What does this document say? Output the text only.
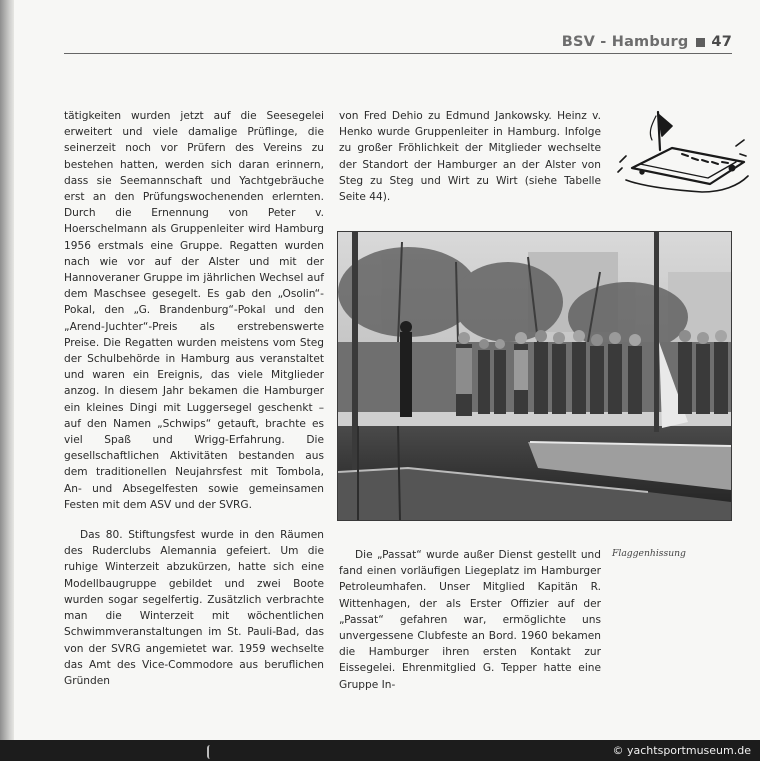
BSV - Hamburg 47

tätigkeiten wurden jetzt auf die Seesegelei erweitert und viele damalige Prüflinge, die seinerzeit noch vor Prüfern des Vereins zu bestehen hatten, werden sich daran erinnern, dass sie Seemannschaft und Yachtgebräuche erst an den Prüfungswochenenden erlernten. Durch die Ernennung von Peter v. Hoerschelmann als Gruppenleiter wird Hamburg 1956 erstmals eine Gruppe. Regatten wurden nach wie vor auf der Alster und mit der Hannoveraner Gruppe im jährlichen Wechsel auf dem Maschsee gesegelt. Es gab den „Osolin“-Pokal, den „G. Brandenburg“-Pokal und den „Arend-Juchter“-Preis als erstrebenswerte Preise. Die Regatten wurden meistens vom Steg der Schulbehörde in Hamburg aus veranstaltet und waren ein Ereignis, das viele Mitglieder anzog. In diesem Jahr bekamen die Hamburger ein kleines Dingi mit Luggersegel geschenkt – auf den Namen „Schwips“ getauft, brachte es viel Spaß und Wrigg-Erfahrung. Die gesellschaftlichen Aktivitäten bestanden aus dem traditionellen Neujahrsfest mit Tombola, An- und Absegelfesten sowie gemeinsamen Festen mit dem ASV und der SVRG.

Das 80. Stiftungsfest wurde in den Räumen des Ruderclubs Alemannia gefeiert. Um die ruhige Winterzeit abzukürzen, hatte sich eine Modellbaugruppe gebildet und zwei Boote wurden sogar segelfertig. Zusätzlich verbrachte man die Winterzeit mit wöchentlichen Schwimmveranstaltungen im St. Pauli-Bad, das von der SVRG angemietet war. 1959 wechselte das Amt des Vice-Commodore aus beruflichen Gründen

von Fred Dehio zu Edmund Jankowsky. Heinz v. Henko wurde Gruppenleiter in Hamburg. Infolge zu großer Fröhlichkeit der Mitglieder wechselte der Standort der Hamburger an der Alster von Steg zu Steg und Wirt zu Wirt (siehe Tabelle Seite 44).

Die „Passat“ wurde außer Dienst gestellt und fand einen vorläufigen Liegeplatz im Hamburger Petroleumhafen. Unser Mitglied Kapitän R. Wittenhagen, der als Erster Offizier auf der „Passat“ gefahren war, ermöglichte uns unvergessene Clubfeste an Bord. 1960 bekamen die Hamburger ihren ersten Kontakt zur Eissegelei. Ehrenmitglied G. Tepper hatte eine Gruppe In-

Flaggenhissung
© yachtsportmuseum.de
